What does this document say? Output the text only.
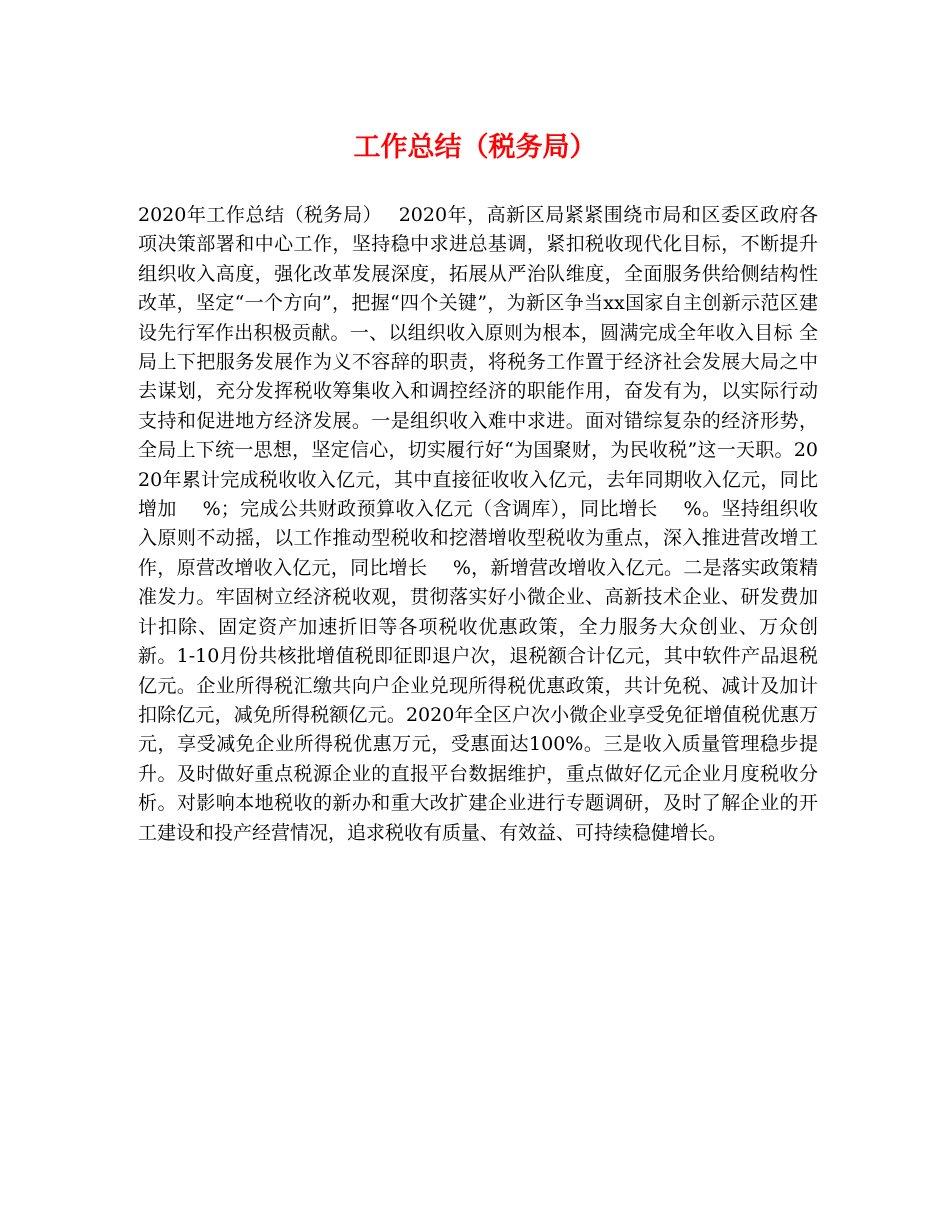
工作总结（税务局）

2020年工作总结（税务局）　 2020年，高新区局紧紧围绕市局和区委区政府各项决策部署和中心工作，坚持稳中求进总基调，紧扣税收现代化目标，不断提升组织收入高度，强化改革发展深度，拓展从严治队维度，全面服务供给侧结构性改革，坚定“一个方向”，把握“四个关键”，为新区争当xx国家自主创新示范区建设先行军作出积极贡献。一、以组织收入原则为根本，圆满完成全年收入目标 全局上下把服务发展作为义不容辞的职责，将税务工作置于经济社会发展大局之中去谋划，充分发挥税收筹集收入和调控经济的职能作用，奋发有为，以实际行动支持和促进地方经济发展。一是组织收入难中求进。面对错综复杂的经济形势，全局上下统一思想，坚定信心，切实履行好“为国聚财，为民收税”这一天职。2020年累计完成税收收入亿元，其中直接征收收入亿元，去年同期收入亿元，同比增加　 %；完成公共财政预算收入亿元（含调库），同比增长　 %。坚持组织收入原则不动摇，以工作推动型税收和挖潜增收型税收为重点，深入推进营改增工作，原营改增收入亿元，同比增长　 %，新增营改增收入亿元。二是落实政策精准发力。牢固树立经济税收观，贯彻落实好小微企业、高新技术企业、研发费加计扣除、固定资产加速折旧等各项税收优惠政策，全力服务大众创业、万众创新。1-10月份共核批增值税即征即退户次，退税额合计亿元，其中软件产品退税亿元。企业所得税汇缴共向户企业兑现所得税优惠政策，共计免税、减计及加计扣除亿元，减免所得税额亿元。2020年全区户次小微企业享受免征增值税优惠万元，享受减免企业所得税优惠万元，受惠面达100%。三是收入质量管理稳步提升。及时做好重点税源企业的直报平台数据维护，重点做好亿元企业月度税收分析。对影响本地税收的新办和重大改扩建企业进行专题调研，及时了解企业的开工建设和投产经营情况，追求税收有质量、有效益、可持续稳健增长。
